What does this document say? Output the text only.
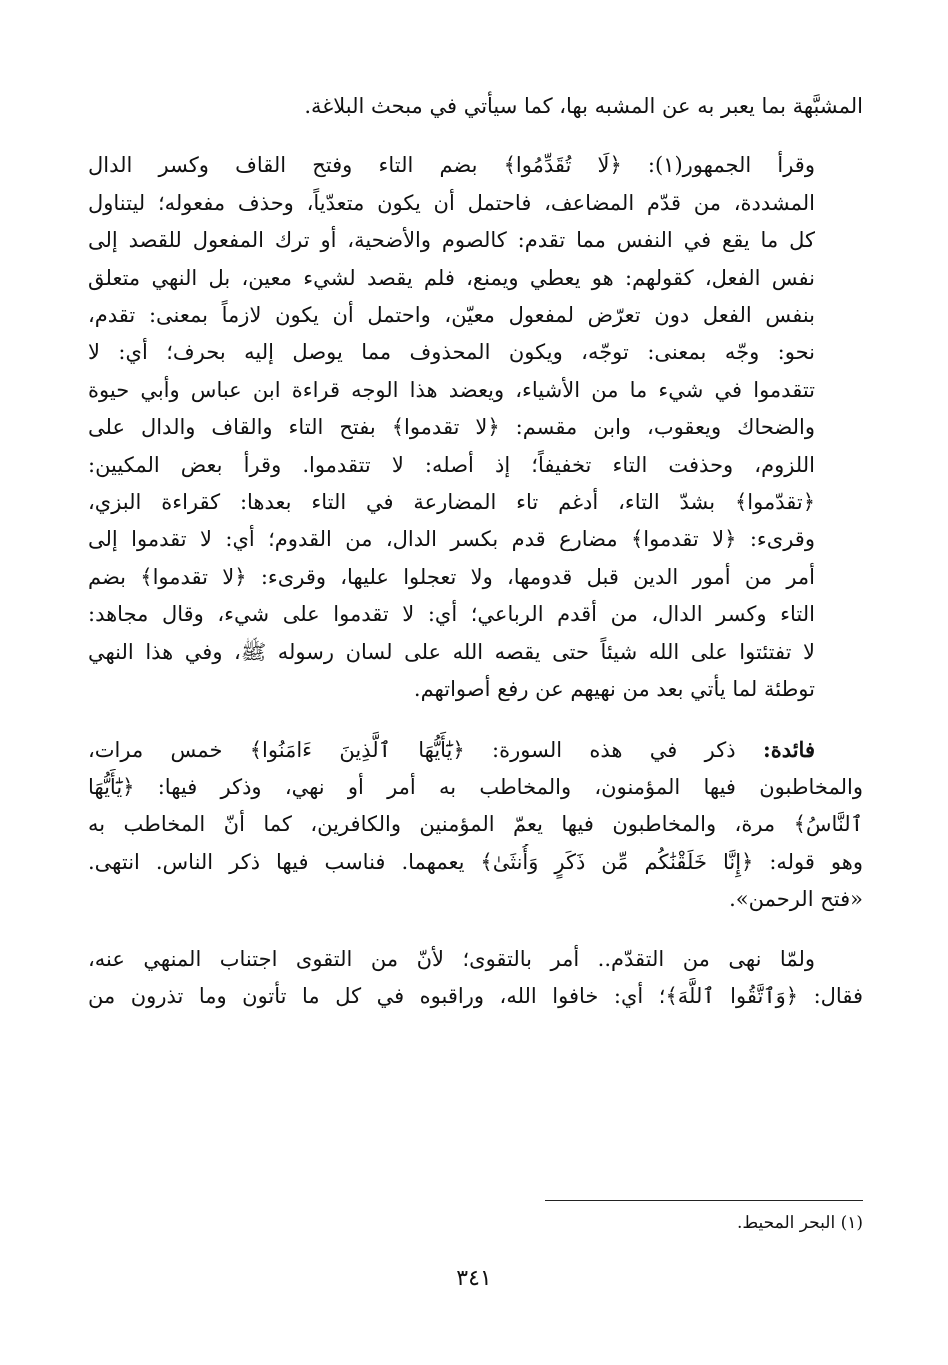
المشبَّهة بما يعبر به عن المشبه بها، كما سيأتي في مبحث البلاغة.

وقرأ الجمهور(١): ﴿لَا تُقَدِّمُوا﴾ بضم التاء وفتح القاف وكسر الدال
المشددة، من قدّم المضاعف، فاحتمل أن يكون متعدّياً، وحذف مفعوله؛ ليتناول
كل ما يقع في النفس مما تقدم: كالصوم والأضحية، أو ترك المفعول للقصد إلى
نفس الفعل، كقولهم: هو يعطي ويمنع، فلم يقصد لشيء معين، بل النهي متعلق
بنفس الفعل دون تعرّض لمفعول معيّن، واحتمل أن يكون لازماً بمعنى: تقدم،
نحو: وجّه بمعنى: توجّه، ويكون المحذوف مما يوصل إليه بحرف؛ أي: لا
تتقدموا في شيء ما من الأشياء، ويعضد هذا الوجه قراءة ابن عباس وأبي حيوة
والضحاك ويعقوب، وابن مقسم: ﴿لا تقدموا﴾ بفتح التاء والقاف والدال على
اللزوم، وحذفت التاء تخفيفاً؛ إذ أصله: لا تتقدموا. وقرأ بعض المكيين:
﴿تقدّموا﴾ بشدّ التاء، أدغم تاء المضارعة في التاء بعدها: كقراءة البزي،
وقرىء: ﴿لا تقدموا﴾ مضارع قدم بكسر الدال، من القدوم؛ أي: لا تقدموا إلى
أمر من أمور الدين قبل قدومها، ولا تعجلوا عليها، وقرىء: ﴿لا تقدموا﴾ بضم
التاء وكسر الدال، من أقدم الرباعي؛ أي: لا تقدموا على شيء، وقال مجاهد:
لا تفتئتوا على الله شيئاً حتى يقصه الله على لسان رسوله ﷺ، وفي هذا النهي
توطئة لما يأتي بعد من نهيهم عن رفع أصواتهم.

فائدة: ذكر في هذه السورة: ﴿يَٰٓأَيُّهَا ٱلَّذِينَ ءَامَنُوا﴾ خمس مرات،
والمخاطبون فيها المؤمنون، والمخاطب به أمر أو نهي، وذكر فيها: ﴿يَٰٓأَيُّهَا
ٱلنَّاسُ﴾ مرة، والمخاطبون فيها يعمّ المؤمنين والكافرين، كما أنّ المخاطب به
وهو قوله: ﴿إِنَّا خَلَقْنَٰكُم مِّن ذَكَرٍ وَأُنثَىٰ﴾ يعمهما. فناسب فيها ذكر الناس. انتهى.
«فتح الرحمن».

ولمّا نهى من التقدّم.. أمر بالتقوى؛ لأنّ من التقوى اجتناب المنهي عنه،
فقال: ﴿وَٱتَّقُوا ٱللَّهَ﴾؛ أي: خافوا الله، وراقبوه في كل ما تأتون وما تذرون من

(١) البحر المحيط.
٣٤١
